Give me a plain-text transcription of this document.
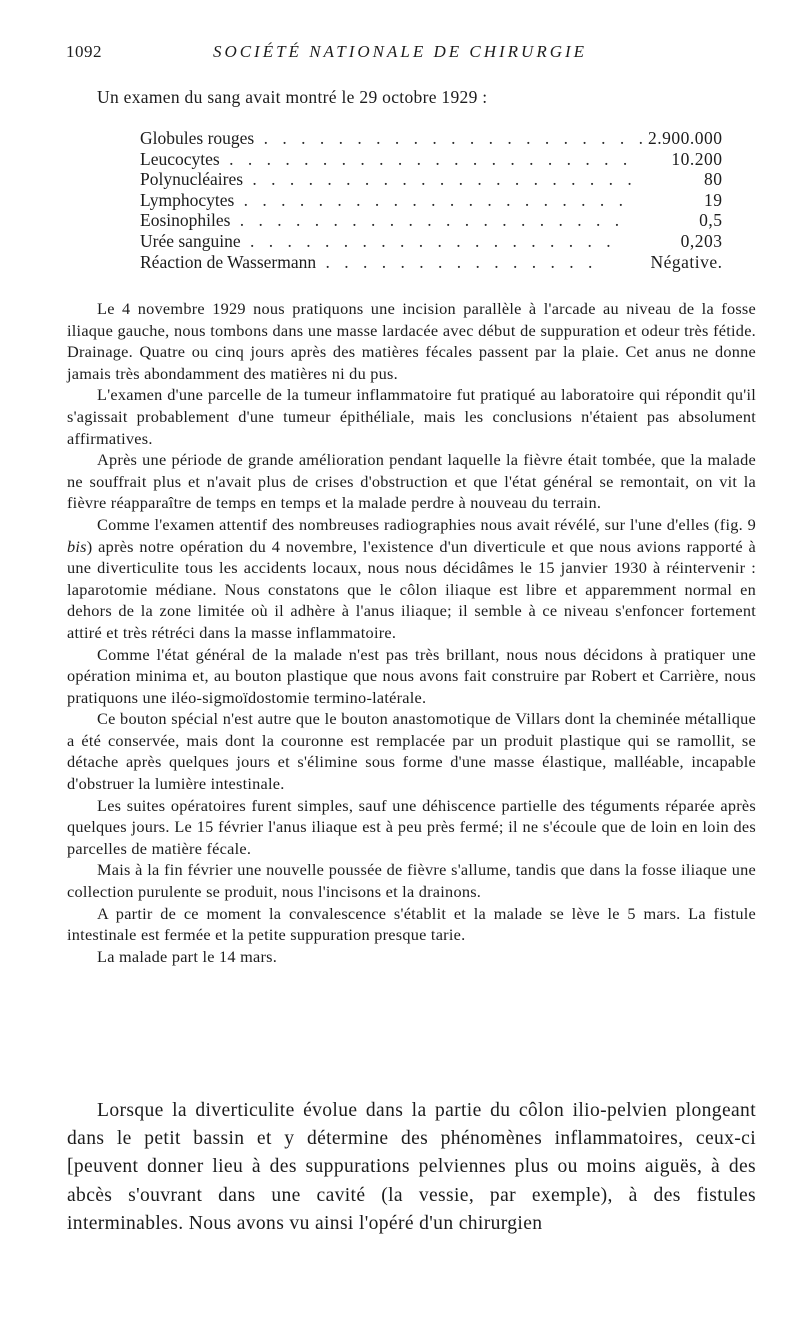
1092	SOCIÉTÉ NATIONALE DE CHIRURGIE
Un examen du sang avait montré le 29 octobre 1929 :
Globules rouges . . . . . . . . . . . . . . . . . . . . .	2.900.000
Leucocytes . . . . . . . . . . . . . . . . . . . . . .	10.200
Polynucléaires . . . . . . . . . . . . . . . . . . . . .	80
Lymphocytes . . . . . . . . . . . . . . . . . . . . .	19
Eosinophiles . . . . . . . . . . . . . . . . . . . . .	0,5
Urée sanguine . . . . . . . . . . . . . . . . . . . .	0,203
Réaction de Wassermann . . . . . . . . . . . . . . .	Négative.

Le 4 novembre 1929 nous pratiquons une incision parallèle à l'arcade au niveau de la fosse iliaque gauche, nous tombons dans une masse lardacée avec début de suppuration et odeur très fétide. Drainage. Quatre ou cinq jours après des matières fécales passent par la plaie. Cet anus ne donne jamais très abondamment des matières ni du pus.

L'examen d'une parcelle de la tumeur inflammatoire fut pratiqué au laboratoire qui répondit qu'il s'agissait probablement d'une tumeur épithéliale, mais les conclusions n'étaient pas absolument affirmatives.

Après une période de grande amélioration pendant laquelle la fièvre était tombée, que la malade ne souffrait plus et n'avait plus de crises d'obstruction et que l'état général se remontait, on vit la fièvre réapparaître de temps en temps et la malade perdre à nouveau du terrain.

Comme l'examen attentif des nombreuses radiographies nous avait révélé, sur l'une d'elles (fig. 9 bis) après notre opération du 4 novembre, l'existence d'un diverticule et que nous avions rapporté à une diverticulite tous les accidents locaux, nous nous décidâmes le 15 janvier 1930 à réintervenir : laparotomie médiane. Nous constatons que le côlon iliaque est libre et apparemment normal en dehors de la zone limitée où il adhère à l'anus iliaque; il semble à ce niveau s'enfoncer fortement attiré et très rétréci dans la masse inflammatoire.

Comme l'état général de la malade n'est pas très brillant, nous nous décidons à pratiquer une opération minima et, au bouton plastique que nous avons fait construire par Robert et Carrière, nous pratiquons une iléo-sigmoïdostomie termino-latérale.

Ce bouton spécial n'est autre que le bouton anastomotique de Villars dont la cheminée métallique a été conservée, mais dont la couronne est remplacée par un produit plastique qui se ramollit, se détache après quelques jours et s'élimine sous forme d'une masse élastique, malléable, incapable d'obstruer la lumière intestinale.

Les suites opératoires furent simples, sauf une déhiscence partielle des téguments réparée après quelques jours. Le 15 février l'anus iliaque est à peu près fermé; il ne s'écoule que de loin en loin des parcelles de matière fécale.

Mais à la fin février une nouvelle poussée de fièvre s'allume, tandis que dans la fosse iliaque une collection purulente se produit, nous l'incisons et la drainons.

A partir de ce moment la convalescence s'établit et la malade se lève le 5 mars. La fistule intestinale est fermée et la petite suppuration presque tarie.

La malade part le 14 mars.

Lorsque la diverticulite évolue dans la partie du côlon ilio-pelvien plongeant dans le petit bassin et y détermine des phénomènes inflammatoires, ceux-ci [peuvent donner lieu à des suppurations pelviennes plus ou moins aiguës, à des abcès s'ouvrant dans une cavité (la vessie, par exemple), à des fistules interminables. Nous avons vu ainsi l'opéré d'un chirurgien
